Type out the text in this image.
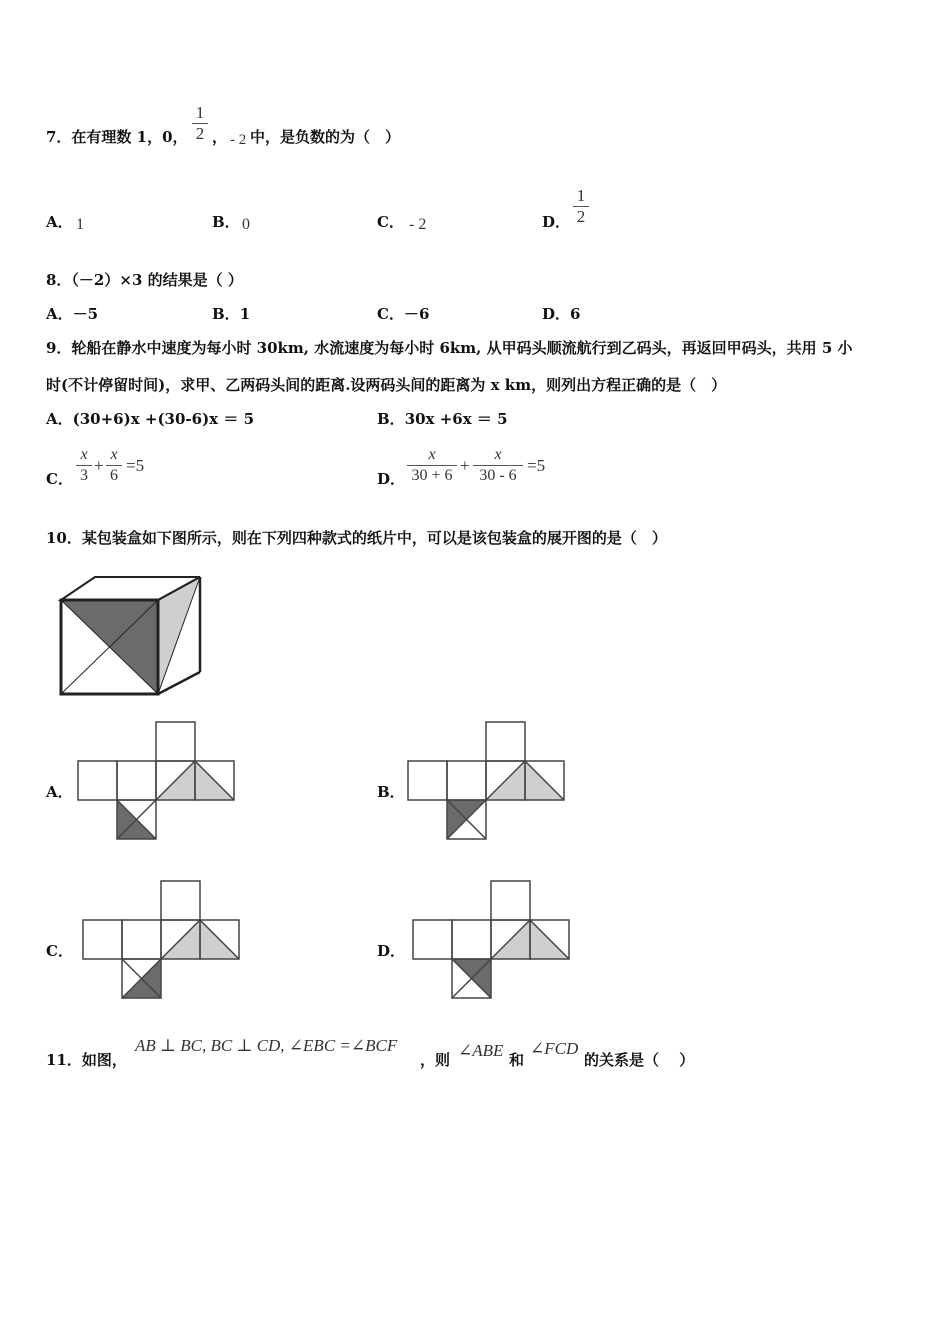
7．在有理数 1，0，
1
2 ， - 2 中，是负数的为（　）
A． 1	B． 0	C． - 2	D．
1
2
8．（－2）×3 的结果是（ ）
A．－5	B．1	C．－6	D．6
9．轮船在静水中速度为每小时 30km, 水流速度为每小时 6km, 从甲码头顺流航行到乙码头，再返回甲码头，共用 5 小
时(不计停留时间)，求甲、乙两码头间的距离.设两码头间的距离为 x km，则列出方程正确的是（　）
A．(30+6)x +(30-6)x ＝ 5	B．30x +6x ＝ 5
C．
x
3
+
x
6
=5
D．
x
30 + 6
+
x
30 - 6
=5
10．某包装盒如下图所示，则在下列四种款式的纸片中，可以是该包装盒的展开图的是（　）
A．	B．
C．	D．
11．如图，
AB ⊥ BC, BC ⊥ CD, ∠EBC =∠BCF
，则 ∠ABE 和
∠FCD
的关系是（　 ）
